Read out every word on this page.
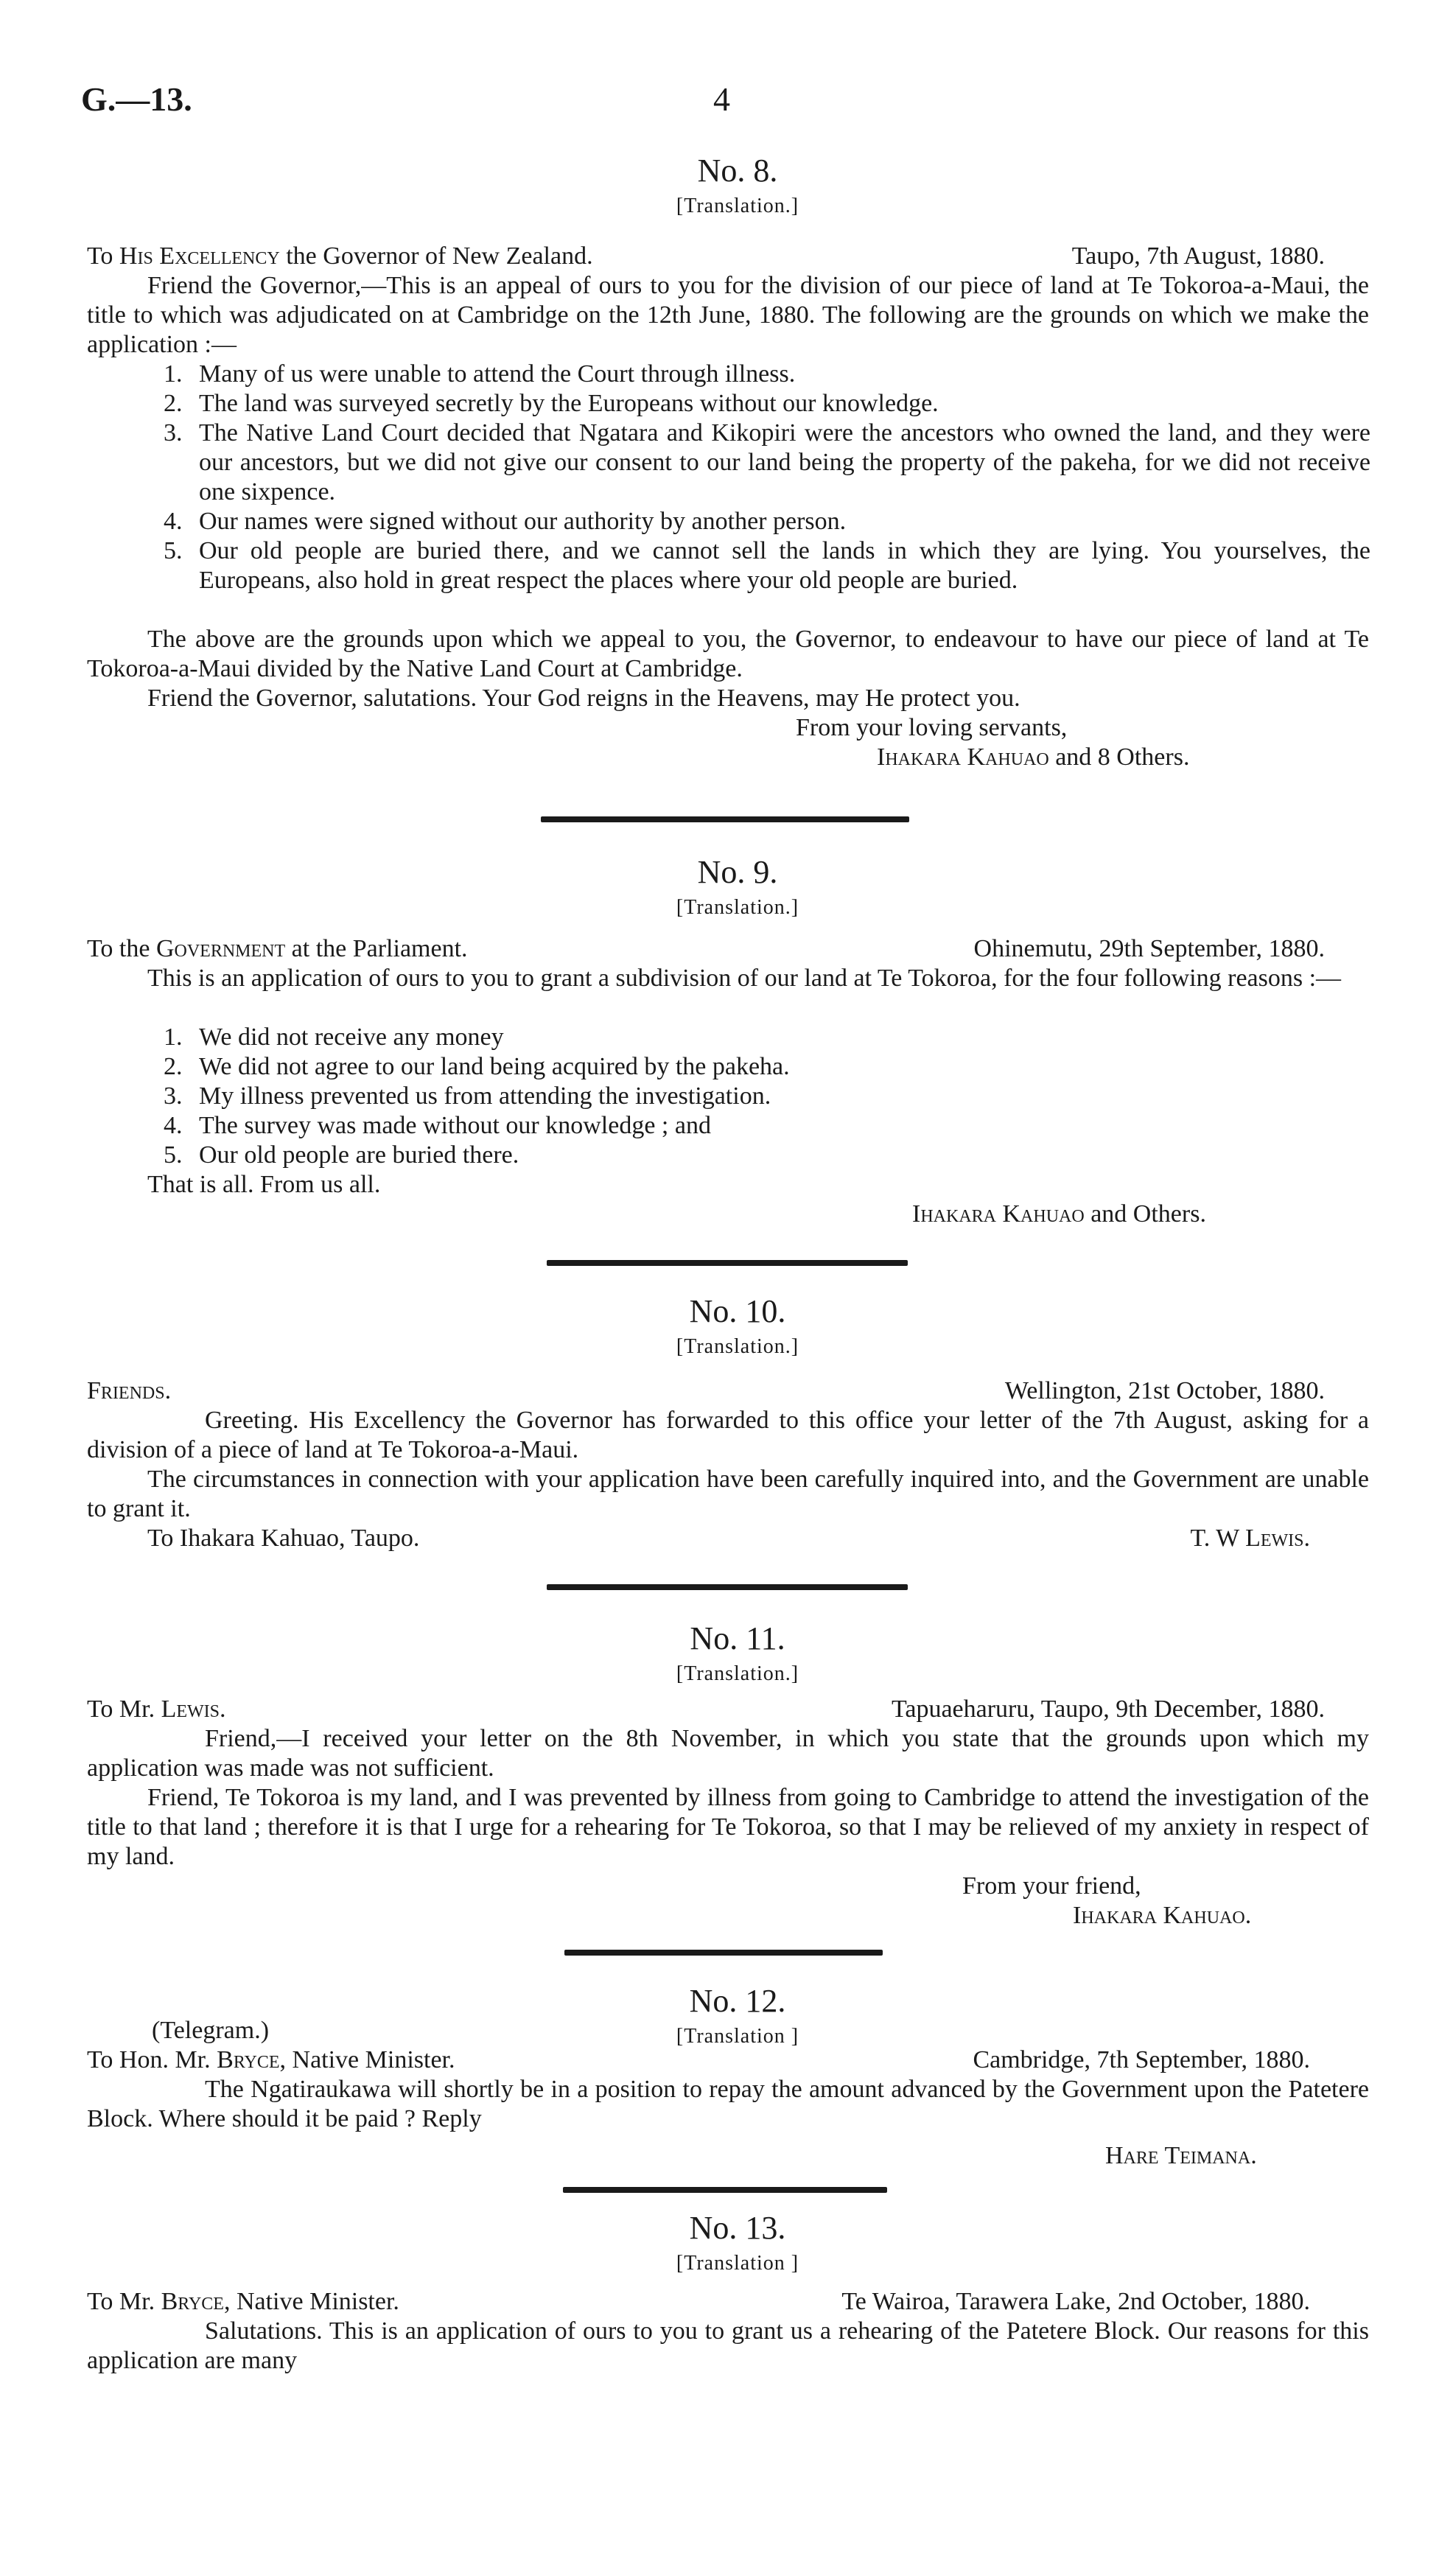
G.—13.	4
No. 8.
[Translation.]
To His Excellency the Governor of New Zealand.	Taupo, 7th August, 1880.
Friend the Governor,—This is an appeal of ours to you for the division of our piece of land at Te Tokoroa-a-Maui, the title to which was adjudicated on at Cambridge on the 12th June, 1880. The following are the grounds on which we make the application :—
1. Many of us were unable to attend the Court through illness.
2. The land was surveyed secretly by the Europeans without our knowledge.
3. The Native Land Court decided that Ngatara and Kikopiri were the ancestors who owned the land, and they were our ancestors, but we did not give our consent to our land being the property of the pakeha, for we did not receive one sixpence.
4. Our names were signed without our authority by another person.
5. Our old people are buried there, and we cannot sell the lands in which they are lying. You yourselves, the Europeans, also hold in great respect the places where your old people are buried.
The above are the grounds upon which we appeal to you, the Governor, to endeavour to have our piece of land at Te Tokoroa-a-Maui divided by the Native Land Court at Cambridge.
Friend the Governor, salutations. Your God reigns in the Heavens, may He protect you.
From your loving servants,
Ihakara Kahuao and 8 Others.
No. 9.
[Translation.]
To the Government at the Parliament.	Ohinemutu, 29th September, 1880.
This is an application of ours to you to grant a subdivision of our land at Te Tokoroa, for the four following reasons :—
1. We did not receive any money
2. We did not agree to our land being acquired by the pakeha.
3. My illness prevented us from attending the investigation.
4. The survey was made without our knowledge ; and
5. Our old people are buried there.
That is all. From us all.
Ihakara Kahuao and Others.
No. 10.
[Translation.]
Friends.	Wellington, 21st October, 1880.
Greeting. His Excellency the Governor has forwarded to this office your letter of the 7th August, asking for a division of a piece of land at Te Tokoroa-a-Maui.
The circumstances in connection with your application have been carefully inquired into, and the Government are unable to grant it.
To Ihakara Kahuao, Taupo.	T. W Lewis.
No. 11.
[Translation.]
To Mr. Lewis.	Tapuaeharuru, Taupo, 9th December, 1880.
Friend,—I received your letter on the 8th November, in which you state that the grounds upon which my application was made was not sufficient.
Friend, Te Tokoroa is my land, and I was prevented by illness from going to Cambridge to attend the investigation of the title to that land ; therefore it is that I urge for a rehearing for Te Tokoroa, so that I may be relieved of my anxiety in respect of my land.
From your friend,
Ihakara Kahuao.
No. 12.
[Translation ]
(Telegram.)
To Hon. Mr. Bryce, Native Minister.	Cambridge, 7th September, 1880.
The Ngatiraukawa will shortly be in a position to repay the amount advanced by the Government upon the Patetere Block. Where should it be paid ? Reply
Hare Teimana.
No. 13.
[Translation ]
To Mr. Bryce, Native Minister.	Te Wairoa, Tarawera Lake, 2nd October, 1880.
Salutations. This is an application of ours to you to grant us a rehearing of the Patetere Block. Our reasons for this application are many
